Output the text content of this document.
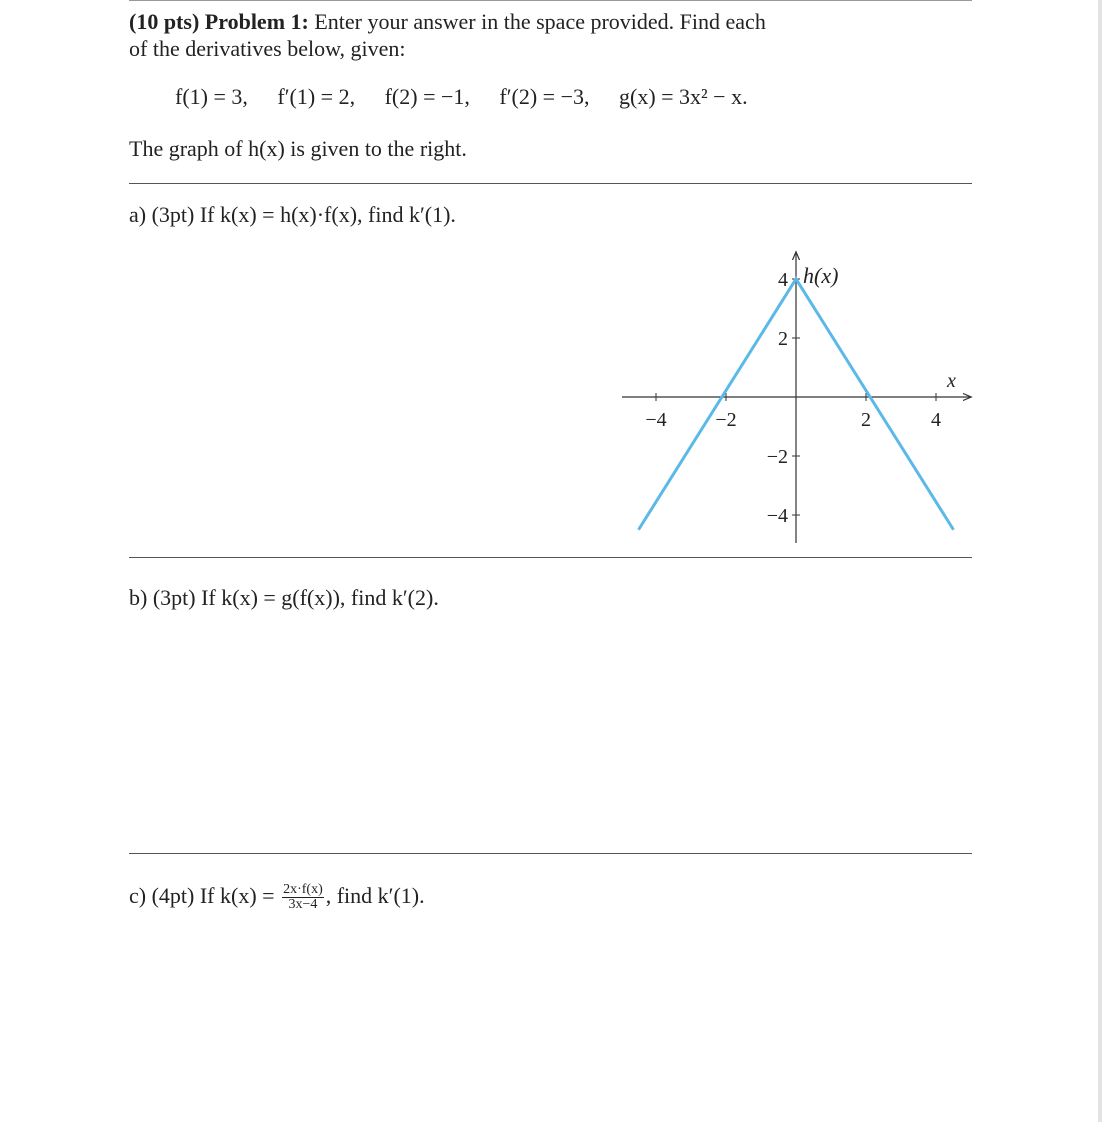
(10 pts) Problem 1: Enter your answer in the space provided. Find each
of the derivatives below, given:
f(1) = 3, f′(1) = 2, f(2) = −1, f′(2) = −3, g(x) = 3x² − x.
The graph of h(x) is given to the right.
a) (3pt) If k(x) = h(x)·f(x), find k′(1).
−4 −2	2	4
4
2
−2
−4
h(x)
x
b) (3pt) If k(x) = g(f(x)), find k′(2).
c) (4pt) If $k(x) = \frac{2x\cdot f(x)}{3x-4}$ , find k′(1).
